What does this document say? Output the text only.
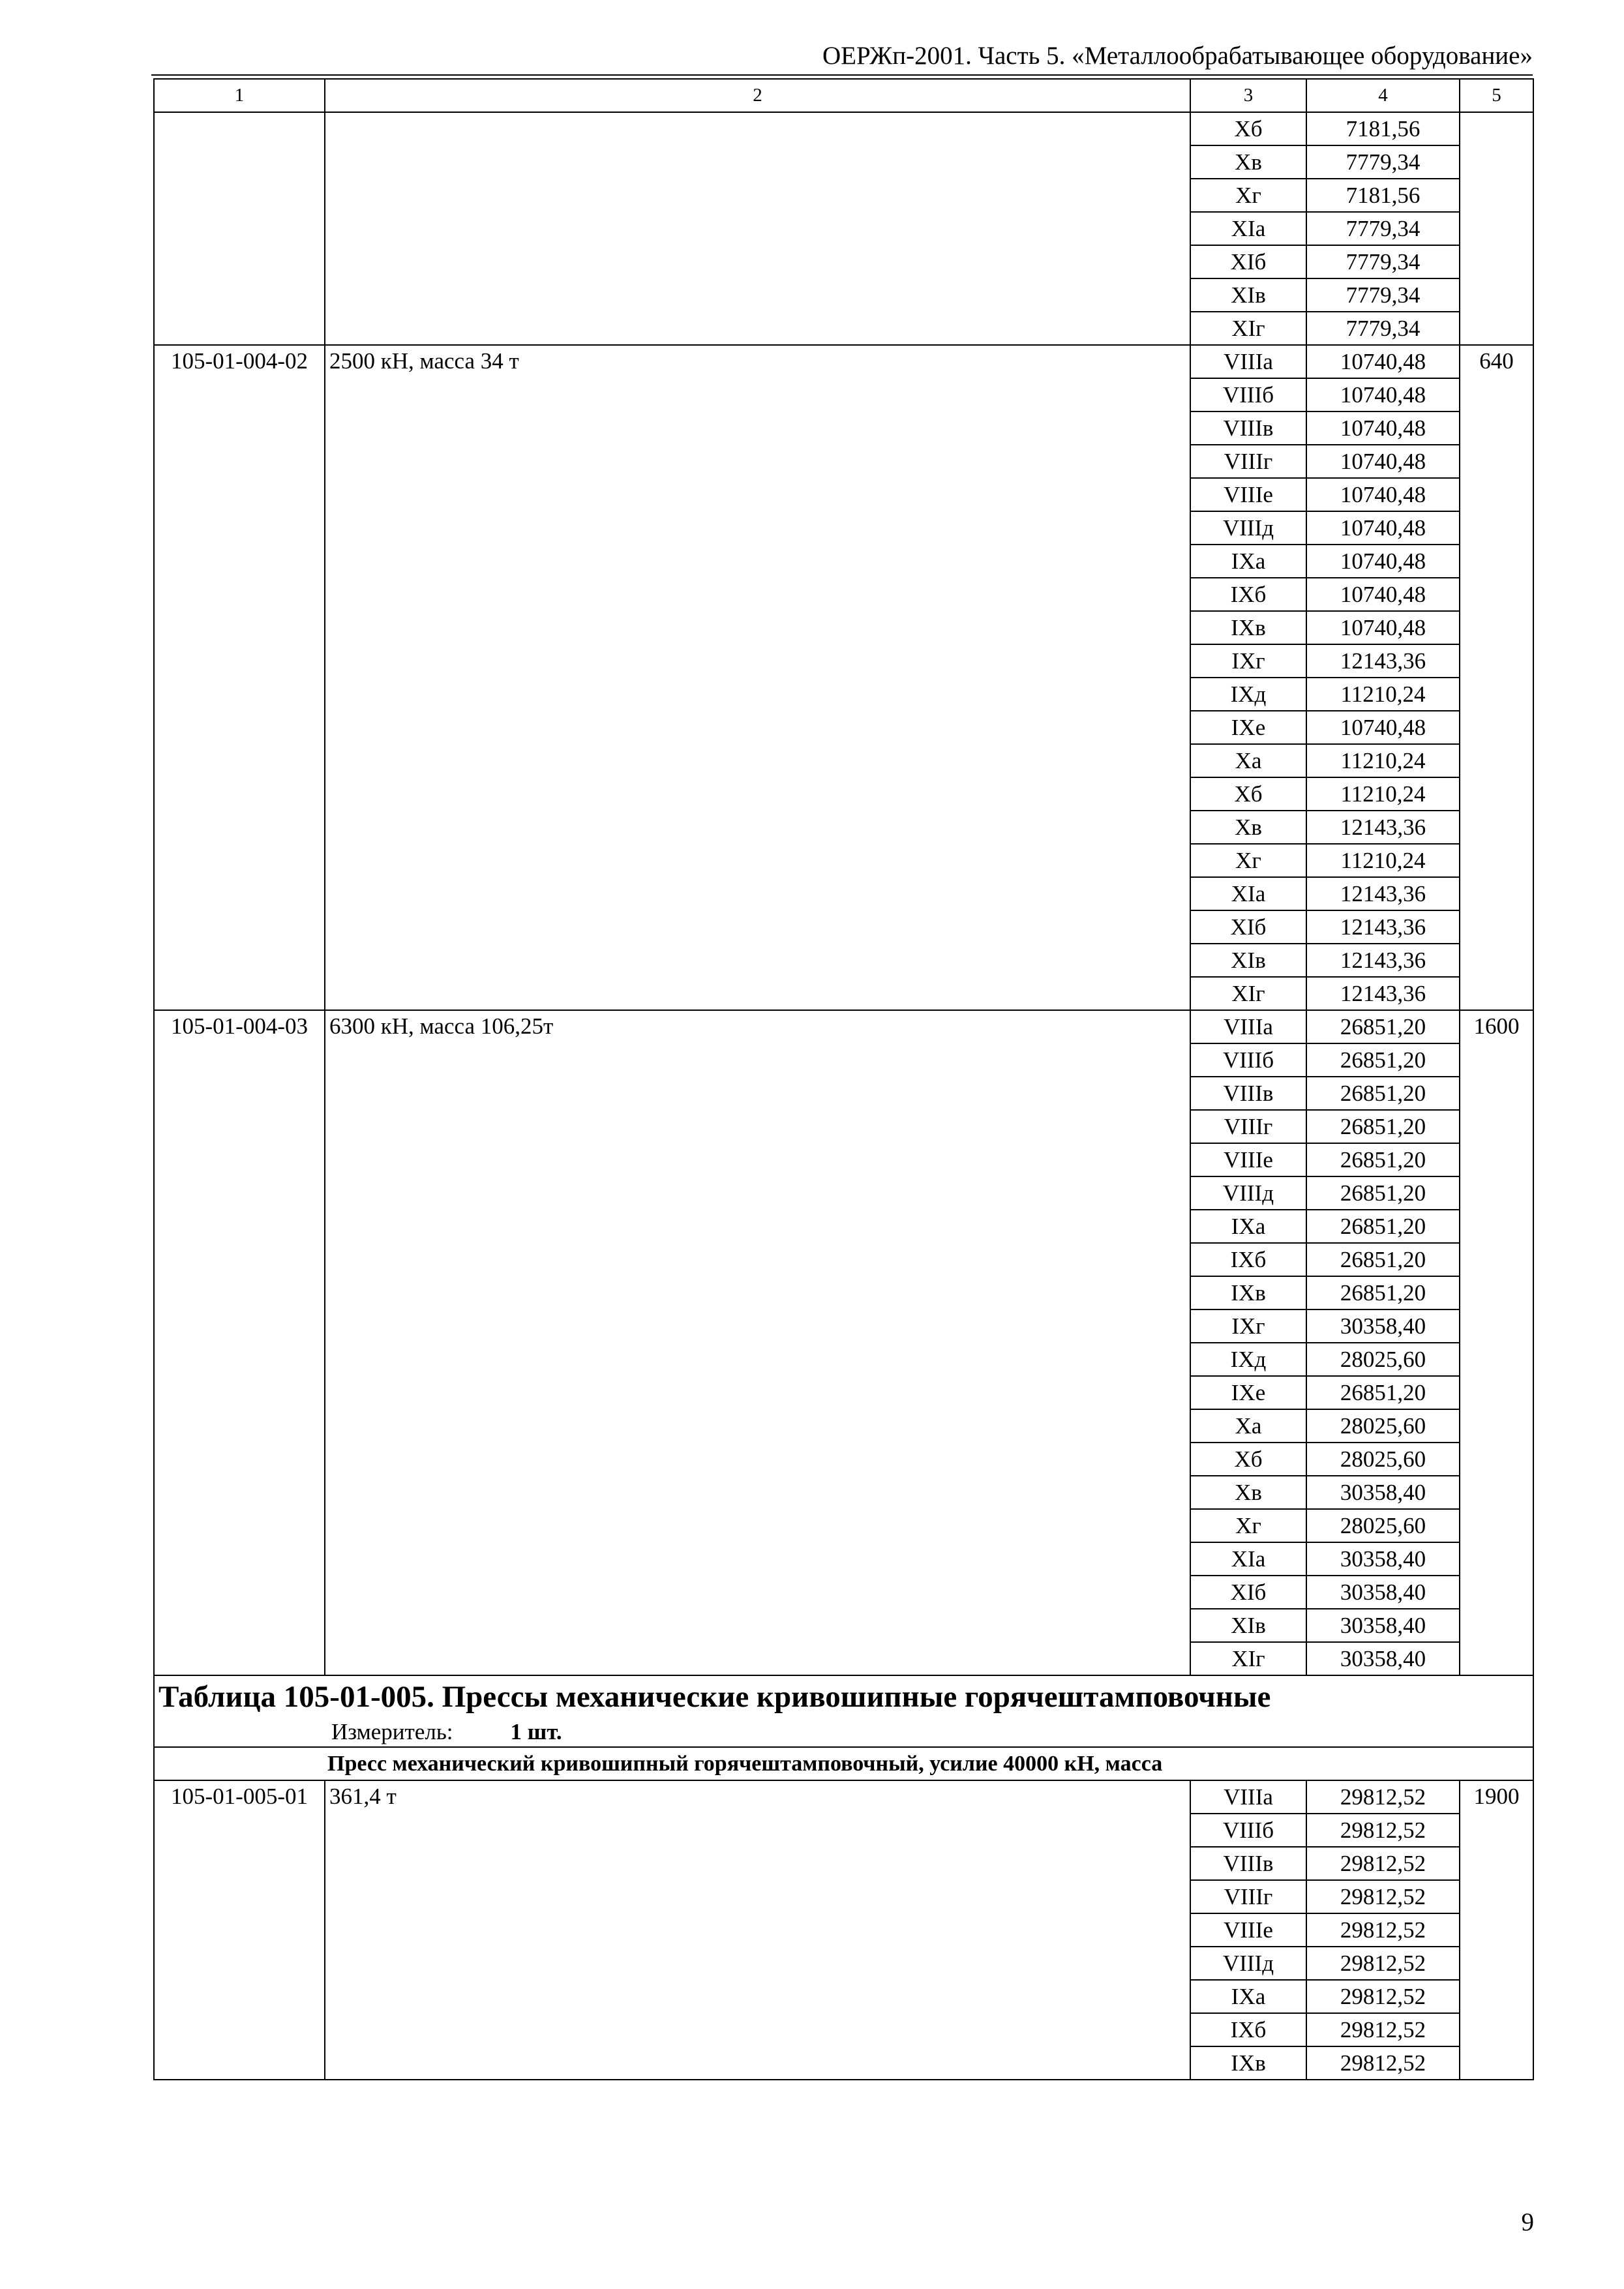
ОЕРЖп-2001. Часть 5. «Металлообрабатывающее оборудование»
1	2	3	4	5
		Xб	7181,56	
		Xв	7779,34	
		Xг	7181,56	
		XIа	7779,34	
		XIб	7779,34	
		XIв	7779,34	
		XIг	7779,34	
105-01-004-02	2500 кН, масса 34 т	VIIIа	10740,48	640
		VIIIб	10740,48	
		VIIIв	10740,48	
		VIIIг	10740,48	
		VIIIе	10740,48	
		VIIIд	10740,48	
		IXа	10740,48	
		IXб	10740,48	
		IXв	10740,48	
		IXг	12143,36	
		IXд	11210,24	
		IXе	10740,48	
		Xа	11210,24	
		Xб	11210,24	
		Xв	12143,36	
		Xг	11210,24	
		XIа	12143,36	
		XIб	12143,36	
		XIв	12143,36	
		XIг	12143,36	
105-01-004-03	6300 кН, масса 106,25т	VIIIа	26851,20	1600
		VIIIб	26851,20	
		VIIIв	26851,20	
		VIIIг	26851,20	
		VIIIе	26851,20	
		VIIIд	26851,20	
		IXа	26851,20	
		IXб	26851,20	
		IXв	26851,20	
		IXг	30358,40	
		IXд	28025,60	
		IXе	26851,20	
		Xа	28025,60	
		Xб	28025,60	
		Xв	30358,40	
		Xг	28025,60	
		XIа	30358,40	
		XIб	30358,40	
		XIв	30358,40	
		XIг	30358,40	

Таблица 105-01-005. Прессы механические кривошипные горячештамповочные
Измеритель: 1 шт.				

Пресс механический кривошипный горячештамповочный, усилие 40000 кН, масса				
105-01-005-01	361,4 т	VIIIа	29812,52	1900
		VIIIб	29812,52	
		VIIIв	29812,52	
		VIIIг	29812,52	
		VIIIе	29812,52	
		VIIIд	29812,52	
		IXа	29812,52	
		IXб	29812,52	
		IXв	29812,52	
9
